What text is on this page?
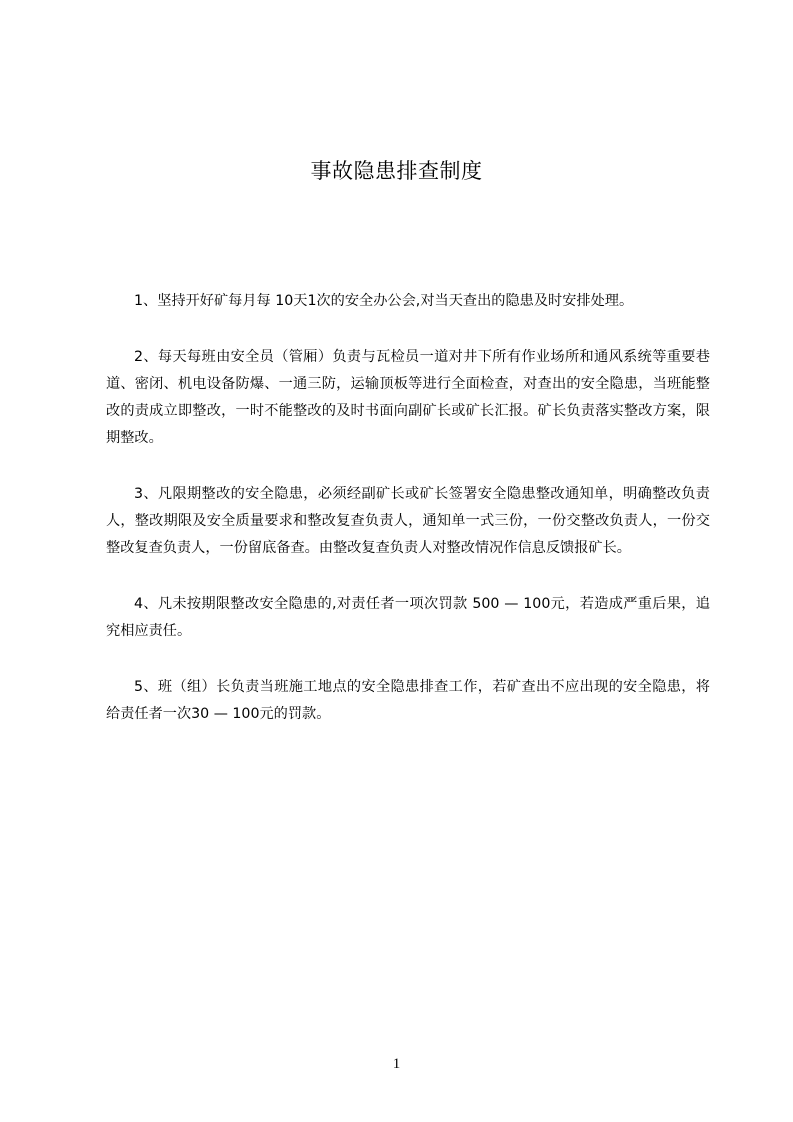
事故隐患排查制度

1、坚持开好矿每月每 10天1次的安全办公会,对当天查出的隐患及时安排处理。

2、每天每班由安全员（管厢）负责与瓦检员一道对井下所有作业场所和通风系统等重要巷道、密闭、机电设备防爆、一通三防，运输顶板等进行全面检查，对查出的安全隐患，当班能整改的责成立即整改，一时不能整改的及时书面向副矿长或矿长汇报。矿长负责落实整改方案，限期整改。

3、凡限期整改的安全隐患，必须经副矿长或矿长签署安全隐患整改通知单，明确整改负责人，整改期限及安全质量要求和整改复查负责人，通知单一式三份，一份交整改负责人，一份交整改复查负责人，一份留底备查。由整改复查负责人对整改情况作信息反馈报矿长。

4、凡未按期限整改安全隐患的,对责任者一项次罚款 500 — 100元，若造成严重后果，追究相应责任。

5、班（组）长负责当班施工地点的安全隐患排查工作，若矿查出不应出现的安全隐患，将给责任者一次30 — 100元的罚款。

1
